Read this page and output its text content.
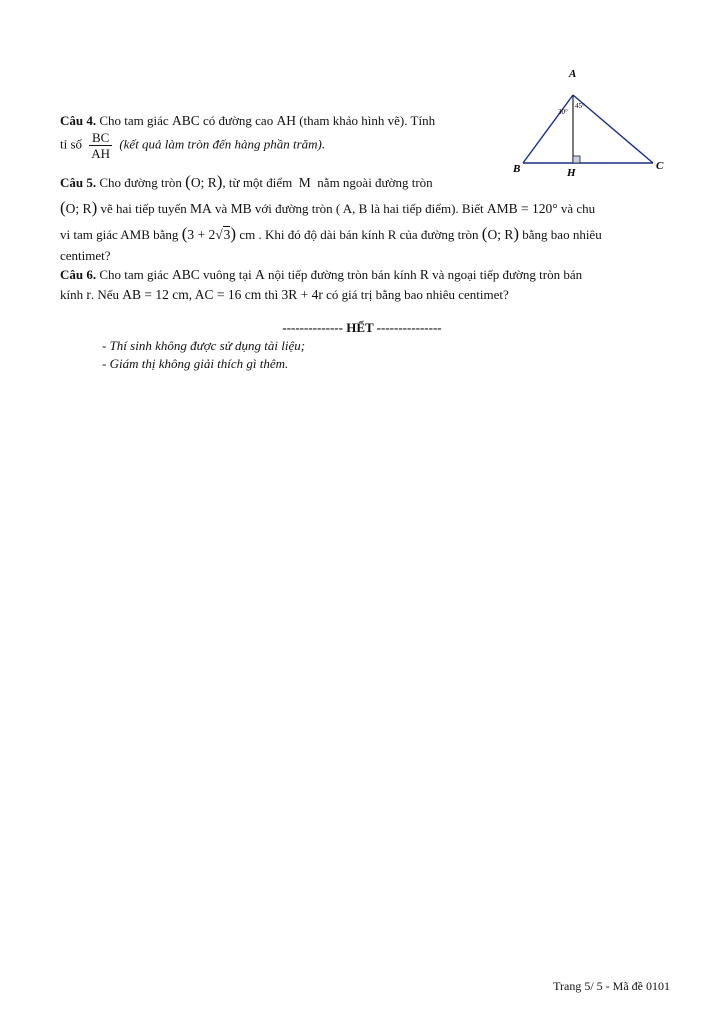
30°
45°
A
B	C
H
Câu 4. Cho tam giác ABC có đường cao AH (tham khảo hình vẽ). Tính
tỉ số $\frac{BC}{AH}$ (kết quả làm tròn đến hàng phần trăm).
Câu 5. Cho đường tròn (O; R), từ một điểm M nằm ngoài đường tròn
(O; R) vẽ hai tiếp tuyến MA và MB với đường tròn ( A, B là hai tiếp điểm). Biết AMB = 120° và chu
vi tam giác AMB bằng (3 + 2√3) cm . Khi đó độ dài bán kính R của đường tròn (O; R) bằng bao nhiêu
centimet?
Câu 6. Cho tam giác ABC vuông tại A nội tiếp đường tròn bán kính R và ngoại tiếp đường tròn bán
kính r. Nếu AB = 12 cm, AC = 16 cm thì 3R + 4r có giá trị bằng bao nhiêu centimet?
-------------- HẾT ---------------
- Thí sinh không được sử dụng tài liệu;
- Giám thị không giải thích gì thêm.
Trang 5/ 5 - Mã đề 0101
